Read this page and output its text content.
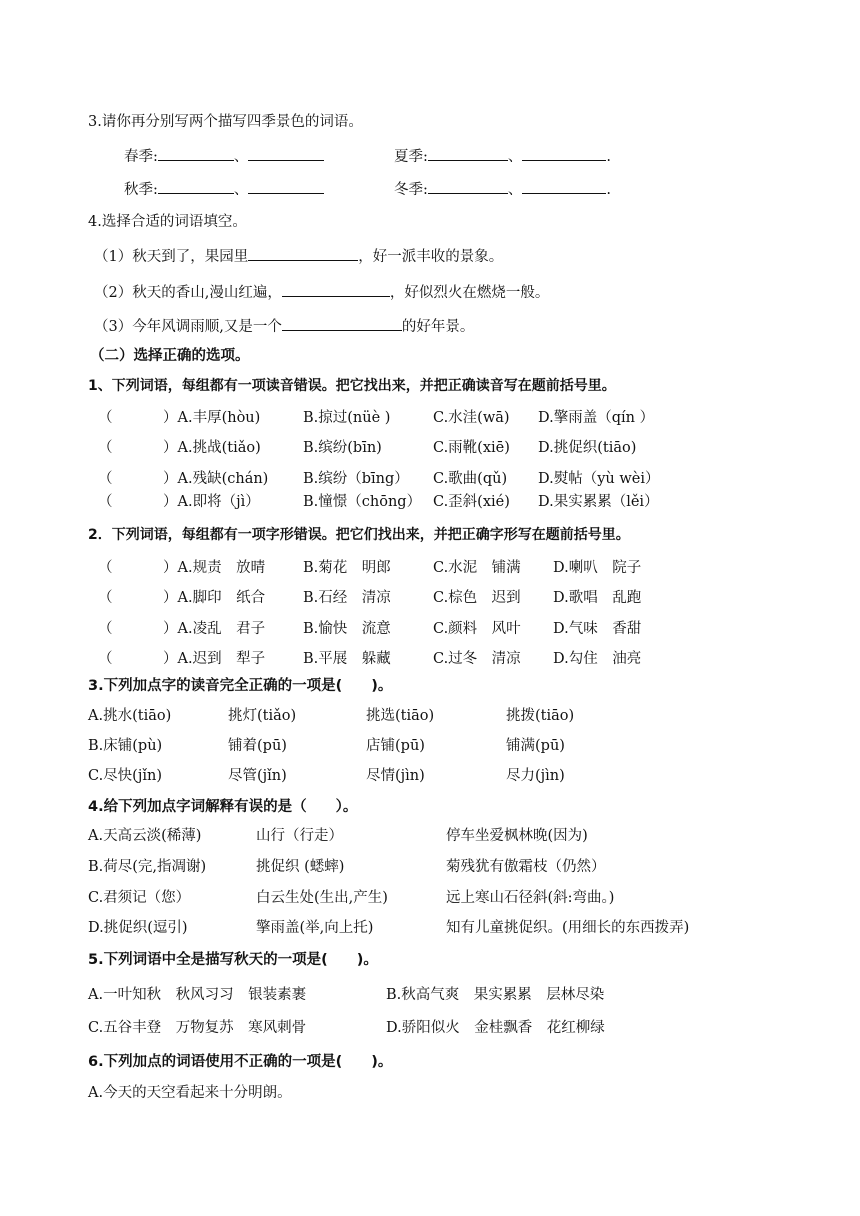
3.请你再分别写两个描写四季景色的词语。
春季:	、	夏季:	、	.
秋季:	、	冬季:	、	.
4.选择合适的词语填空。
（1）秋天到了，果园里	，好一派丰收的景象。
（2）秋天的香山,漫山红遍，	，好似烈火在燃烧一般。
（3）今年风调雨顺,又是一个	的好年景。
（二）选择正确的选项。
1、下列词语，每组都有一项读音错误。把它找出来，并把正确读音写在题前括号里。
（	）A.丰厚(hòu)	B.掠过(nüè )	C.水洼(wā) D.擎雨盖（qín ）
（	）A.挑战(tiǎo)	B.缤纷(bīn)	C.雨靴(xiē) D.挑促织(tiāo)
（	）A.残缺(chán) B.缤纷（bīng） C.歌曲(qǔ) D.熨帖（yù wèi）
（	）A.即将（jì）	B.憧憬（chōng） C.歪斜(xié) D.果实累累（lěi）
2．下列词语，每组都有一项字形错误。把它们找出来，并把正确字形写在题前括号里。
（	）A.规责　放晴	B.菊花　明郎	C.水泥　铺满 D.喇叭　院子
（	）A.脚印　纸合	B.石经　清凉	C.棕色　迟到 D.歌唱　乱跑
（	）A.凌乱　君子	B.愉快　流意	C.颜料　风叶 D.气味　香甜
（	）A.迟到　犁子	B.平展　躲藏	C.过冬　清凉 D.勾住　油亮
3.下列加点字的读音完全正确的一项是(　　)。
A.挑水(tiāo)	挑灯(tiǎo)	挑选(tiāo)	挑拨(tiāo)
B.床铺(pù)	铺着(pū)	店铺(pū)	铺满(pū)
C.尽快(jǐn)	尽管(jǐn)	尽情(jìn)	尽力(jìn)
4.给下列加点字词解释有误的是（　　）。
A.天高云淡(稀薄)	山行（行走）	停车坐爱枫林晚(因为)
B.荷尽(完,指凋谢)	挑促织 (蟋蟀)	菊残犹有傲霜枝（仍然）
C.君须记（您）	白云生处(生出,产生)	远上寒山石径斜(斜:弯曲。)
D.挑促织(逗引)	擎雨盖(举,向上托)	知有儿童挑促织。(用细长的东西拨弄)
5.下列词语中全是描写秋天的一项是(　　)。
A.一叶知秋　秋风习习　银装素裹	B.秋高气爽　果实累累　层林尽染
C.五谷丰登　万物复苏　寒风刺骨	D.骄阳似火　金桂飘香　花红柳绿
6.下列加点的词语使用不正确的一项是(　　)。
A.今天的天空看起来十分明朗。
